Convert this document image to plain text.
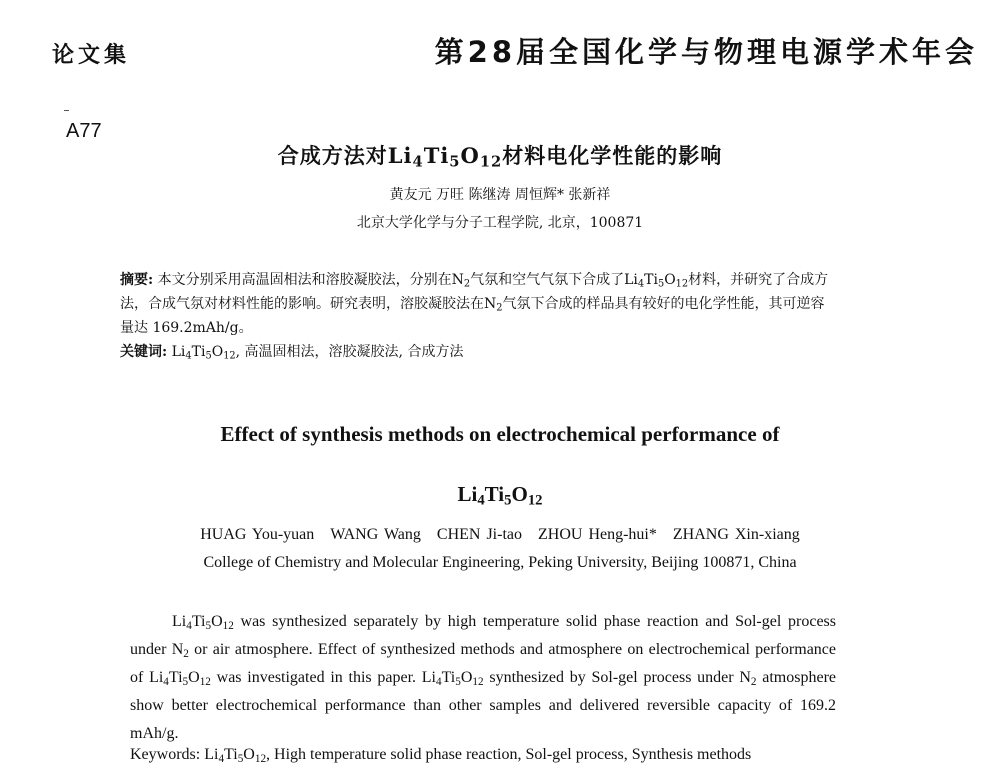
论文集	第28届全国化学与物理电源学术年会
A77
合成方法对$Li_4Ti_5O_{12}$材料电化学性能的影响
黄友元 万旺 陈继涛 周恒辉* 张新祥
北京大学化学与分子工程学院, 北京，100871

摘要: 本文分别采用高温固相法和溶胶凝胶法，分别在$N_2$气氛和空气气氛下合成了$Li_4Ti_5O_{12}$材料，并研究了合成方法，合成气氛对材料性能的影响。研究表明，溶胶凝胶法在$N_2$气氛下合成的样品具有较好的电化学性能，其可逆容量达 169.2mAh/g。

关键词: $Li_4Ti_5O_{12}$, 高温固相法，溶胶凝胶法, 合成方法

Effect of synthesis methods on electrochemical performance of
$Li_4Ti_5O_{12}$
HUAG You-yuan WANG Wang CHEN Ji-tao ZHOU Heng-hui* ZHANG Xin-xiang
College of Chemistry and Molecular Engineering, Peking University, Beijing 100871, China

$Li_4Ti_5O_{12}$ was synthesized separately by high temperature solid phase reaction and Sol-gel process under $N_2$ or air atmosphere. Effect of synthesized methods and atmosphere on electrochemical performance of $Li_4Ti_5O_{12}$ was investigated in this paper. $Li_4Ti_5O_{12}$ synthesized by Sol-gel process under $N_2$ atmosphere show better electrochemical performance than other samples and delivered reversible capacity of 169.2 mAh/g.

Keywords: $Li_4Ti_5O_{12}$, High temperature solid phase reaction, Sol-gel process, Synthesis methods
